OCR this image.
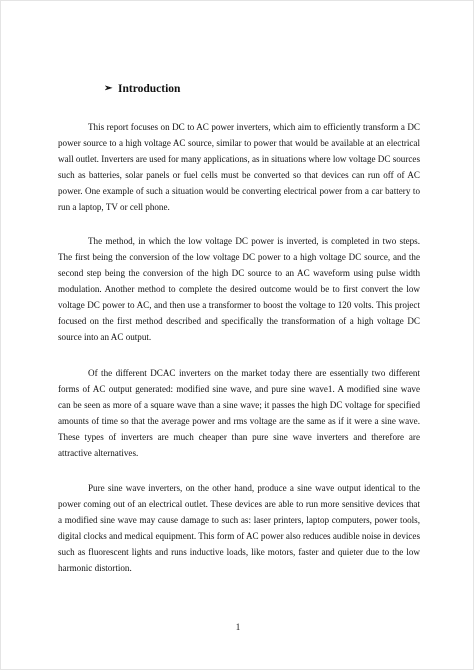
➢ Introduction

This report focuses on DC to AC power inverters, which aim to efficiently transform a DC power source to a high voltage AC source, similar to power that would be available at an electrical wall outlet. Inverters are used for many applications, as in situations where low voltage DC sources such as batteries, solar panels or fuel cells must be converted so that devices can run off of AC power. One example of such a situation would be converting electrical power from a car battery to run a laptop, TV or cell phone.

The method, in which the low voltage DC power is inverted, is completed in two steps. The first being the conversion of the low voltage DC power to a high voltage DC source, and the second step being the conversion of the high DC source to an AC waveform using pulse width modulation. Another method to complete the desired outcome would be to first convert the low voltage DC power to AC, and then use a transformer to boost the voltage to 120 volts. This project focused on the first method described and specifically the transformation of a high voltage DC source into an AC output.

Of the different DCAC inverters on the market today there are essentially two different forms of AC output generated: modified sine wave, and pure sine wave1. A modified sine wave can be seen as more of a square wave than a sine wave; it passes the high DC voltage for specified amounts of time so that the average power and rms voltage are the same as if it were a sine wave. These types of inverters are much cheaper than pure sine wave inverters and therefore are attractive alternatives.

Pure sine wave inverters, on the other hand, produce a sine wave output identical to the power coming out of an electrical outlet. These devices are able to run more sensitive devices that a modified sine wave may cause damage to such as: laser printers, laptop computers, power tools, digital clocks and medical equipment. This form of AC power also reduces audible noise in devices such as fluorescent lights and runs inductive loads, like motors, faster and quieter due to the low harmonic distortion.

1
